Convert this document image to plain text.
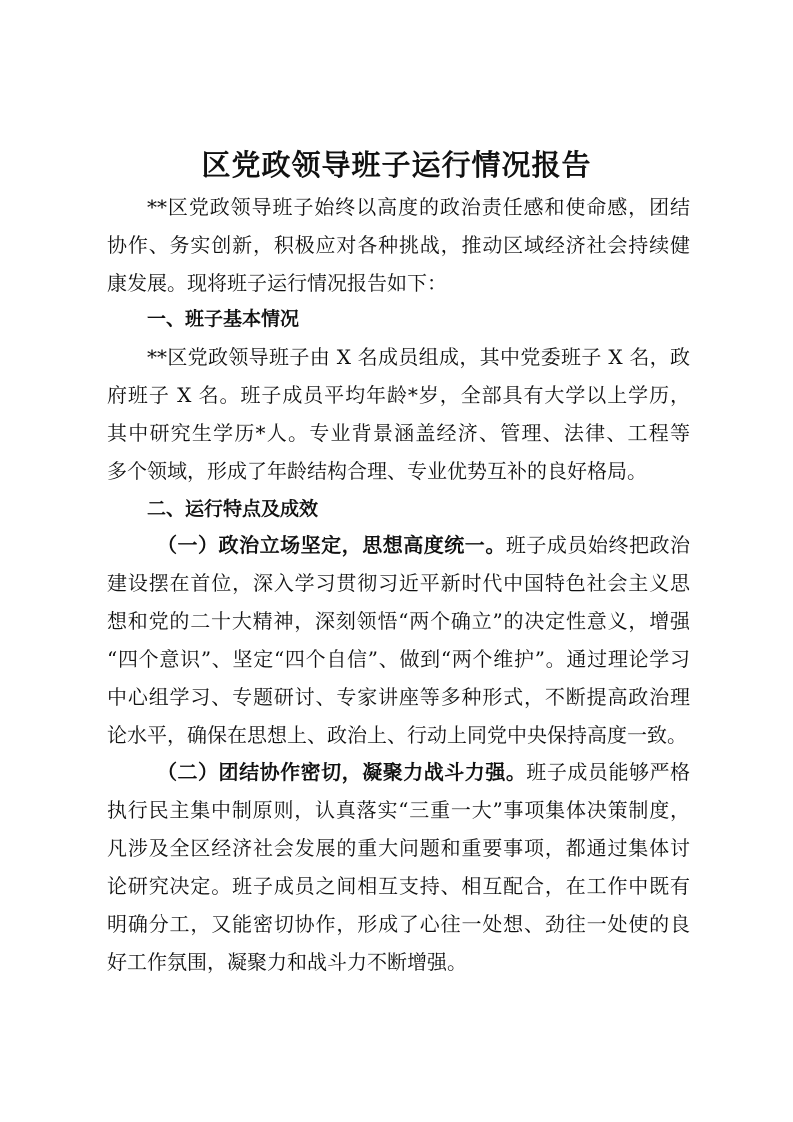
区党政领导班子运行情况报告
**区党政领导班子始终以高度的政治责任感和使命感，团结
协作、务实创新，积极应对各种挑战，推动区域经济社会持续健
康发展。现将班子运行情况报告如下：
一、班子基本情况
**区党政领导班子由 X 名成员组成，其中党委班子 X 名，政
府班子 X 名。班子成员平均年龄*岁，全部具有大学以上学历，
其中研究生学历*人。专业背景涵盖经济、管理、法律、工程等
多个领域，形成了年龄结构合理、专业优势互补的良好格局。
二、运行特点及成效
（一）政治立场坚定，思想高度统一。班子成员始终把政治
建设摆在首位，深入学习贯彻习近平新时代中国特色社会主义思
想和党的二十大精神，深刻领悟“两个确立”的决定性意义，增强
“四个意识”、坚定“四个自信”、做到“两个维护”。通过理论学习
中心组学习、专题研讨、专家讲座等多种形式，不断提高政治理
论水平，确保在思想上、政治上、行动上同党中央保持高度一致。
（二）团结协作密切，凝聚力战斗力强。班子成员能够严格
执行民主集中制原则，认真落实“三重一大”事项集体决策制度，
凡涉及全区经济社会发展的重大问题和重要事项，都通过集体讨
论研究决定。班子成员之间相互支持、相互配合，在工作中既有
明确分工，又能密切协作，形成了心往一处想、劲往一处使的良
好工作氛围，凝聚力和战斗力不断增强。
